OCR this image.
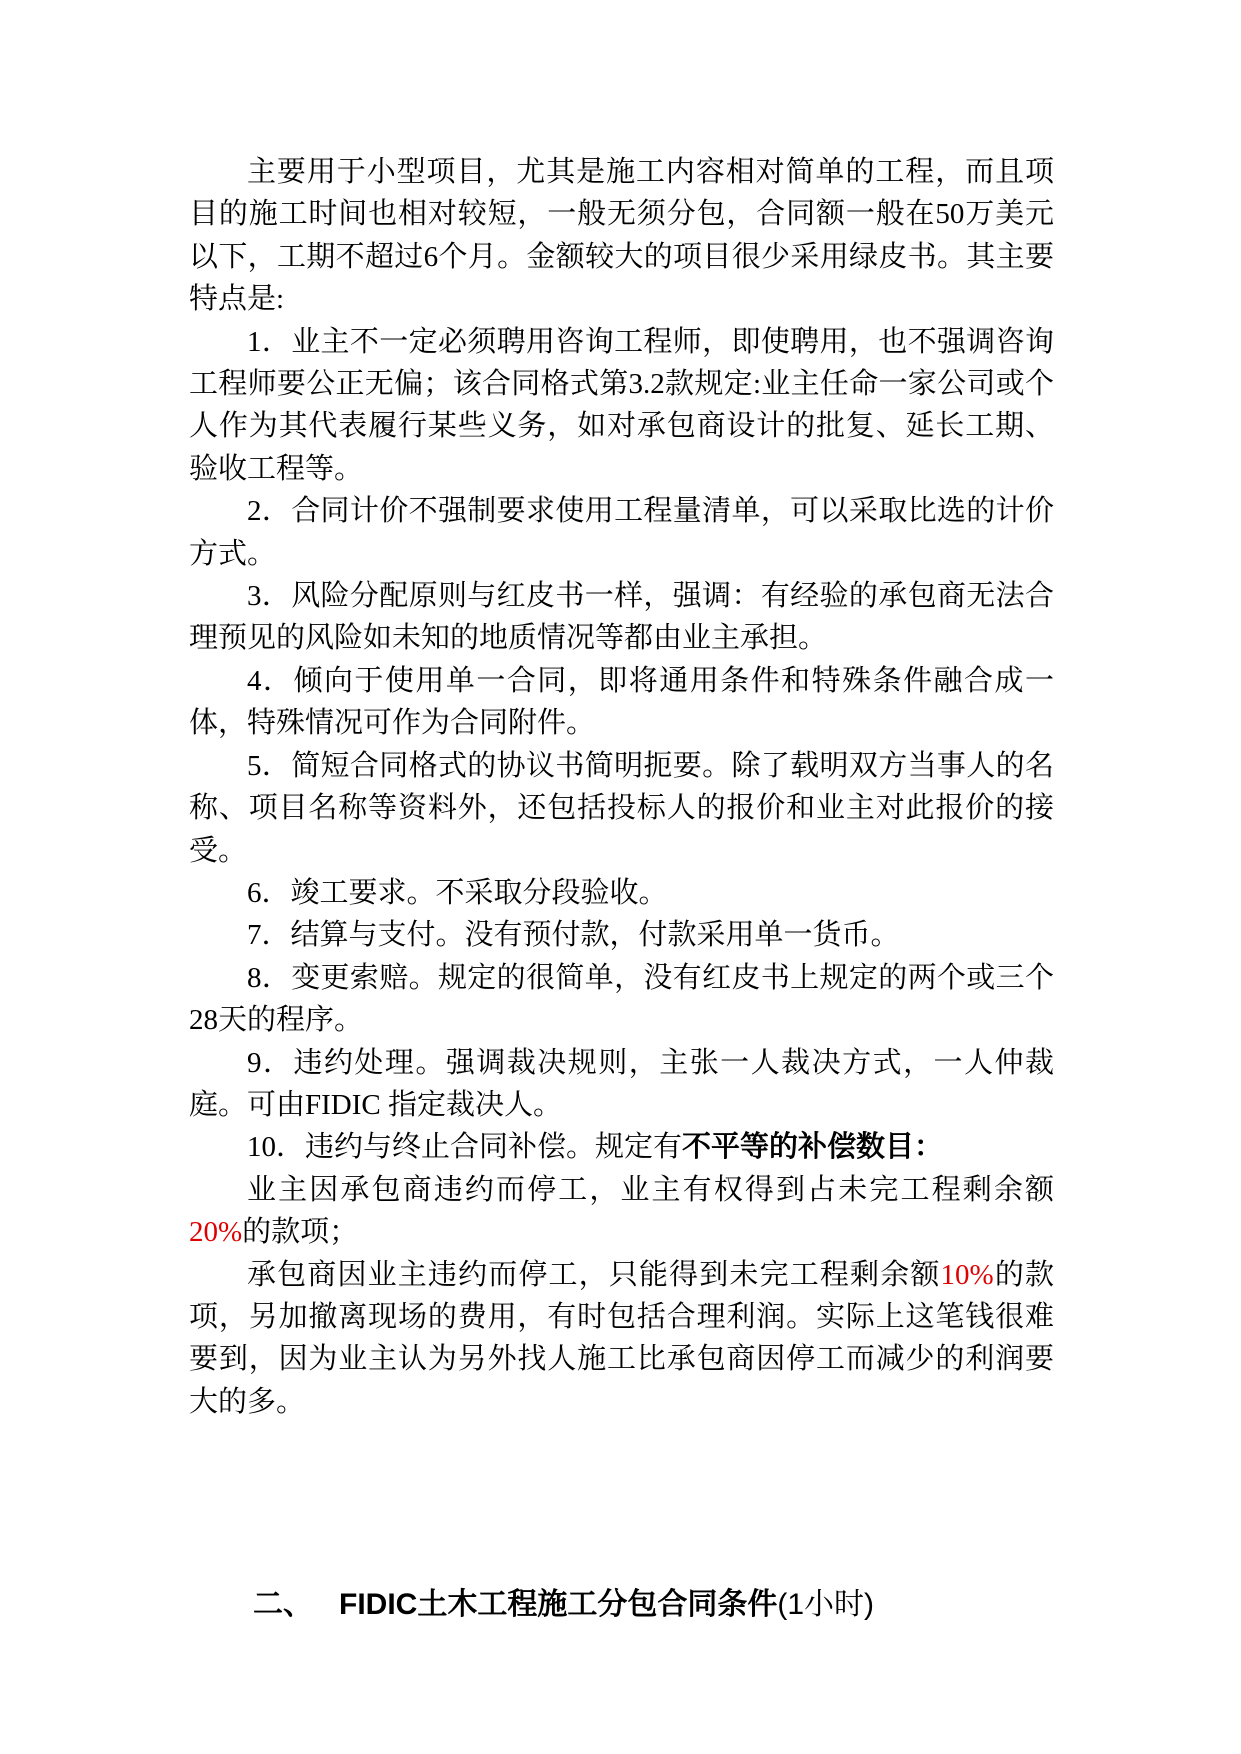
主要用于小型项目，尤其是施工内容相对简单的工程，而且项目的施工时间也相对较短，一般无须分包，合同额一般在50万美元以下，工期不超过6个月。金额较大的项目很少采用绿皮书。其主要特点是:

1．业主不一定必须聘用咨询工程师，即使聘用，也不强调咨询工程师要公正无偏；该合同格式第3.2款规定:业主任命一家公司或个人作为其代表履行某些义务，如对承包商设计的批复、延长工期、验收工程等。

2．合同计价不强制要求使用工程量清单，可以采取比选的计价方式。

3．风险分配原则与红皮书一样，强调：有经验的承包商无法合理预见的风险如未知的地质情况等都由业主承担。

4．倾向于使用单一合同，即将通用条件和特殊条件融合成一体，特殊情况可作为合同附件。

5．简短合同格式的协议书简明扼要。除了载明双方当事人的名称、项目名称等资料外，还包括投标人的报价和业主对此报价的接受。

6．竣工要求。不采取分段验收。

7．结算与支付。没有预付款，付款采用单一货币。

8．变更索赔。规定的很简单，没有红皮书上规定的两个或三个28天的程序。

9．违约处理。强调裁决规则，主张一人裁决方式，一人仲裁庭。可由FIDIC 指定裁决人。

10．违约与终止合同补偿。规定有不平等的补偿数目：

业主因承包商违约而停工，业主有权得到占未完工程剩余额20%的款项；

承包商因业主违约而停工，只能得到未完工程剩余额10%的款项，另加撤离现场的费用，有时包括合理利润。实际上这笔钱很难要到，因为业主认为另外找人施工比承包商因停工而减少的利润要大的多。

二、 FIDIC土木工程施工分包合同条件(1小时)
